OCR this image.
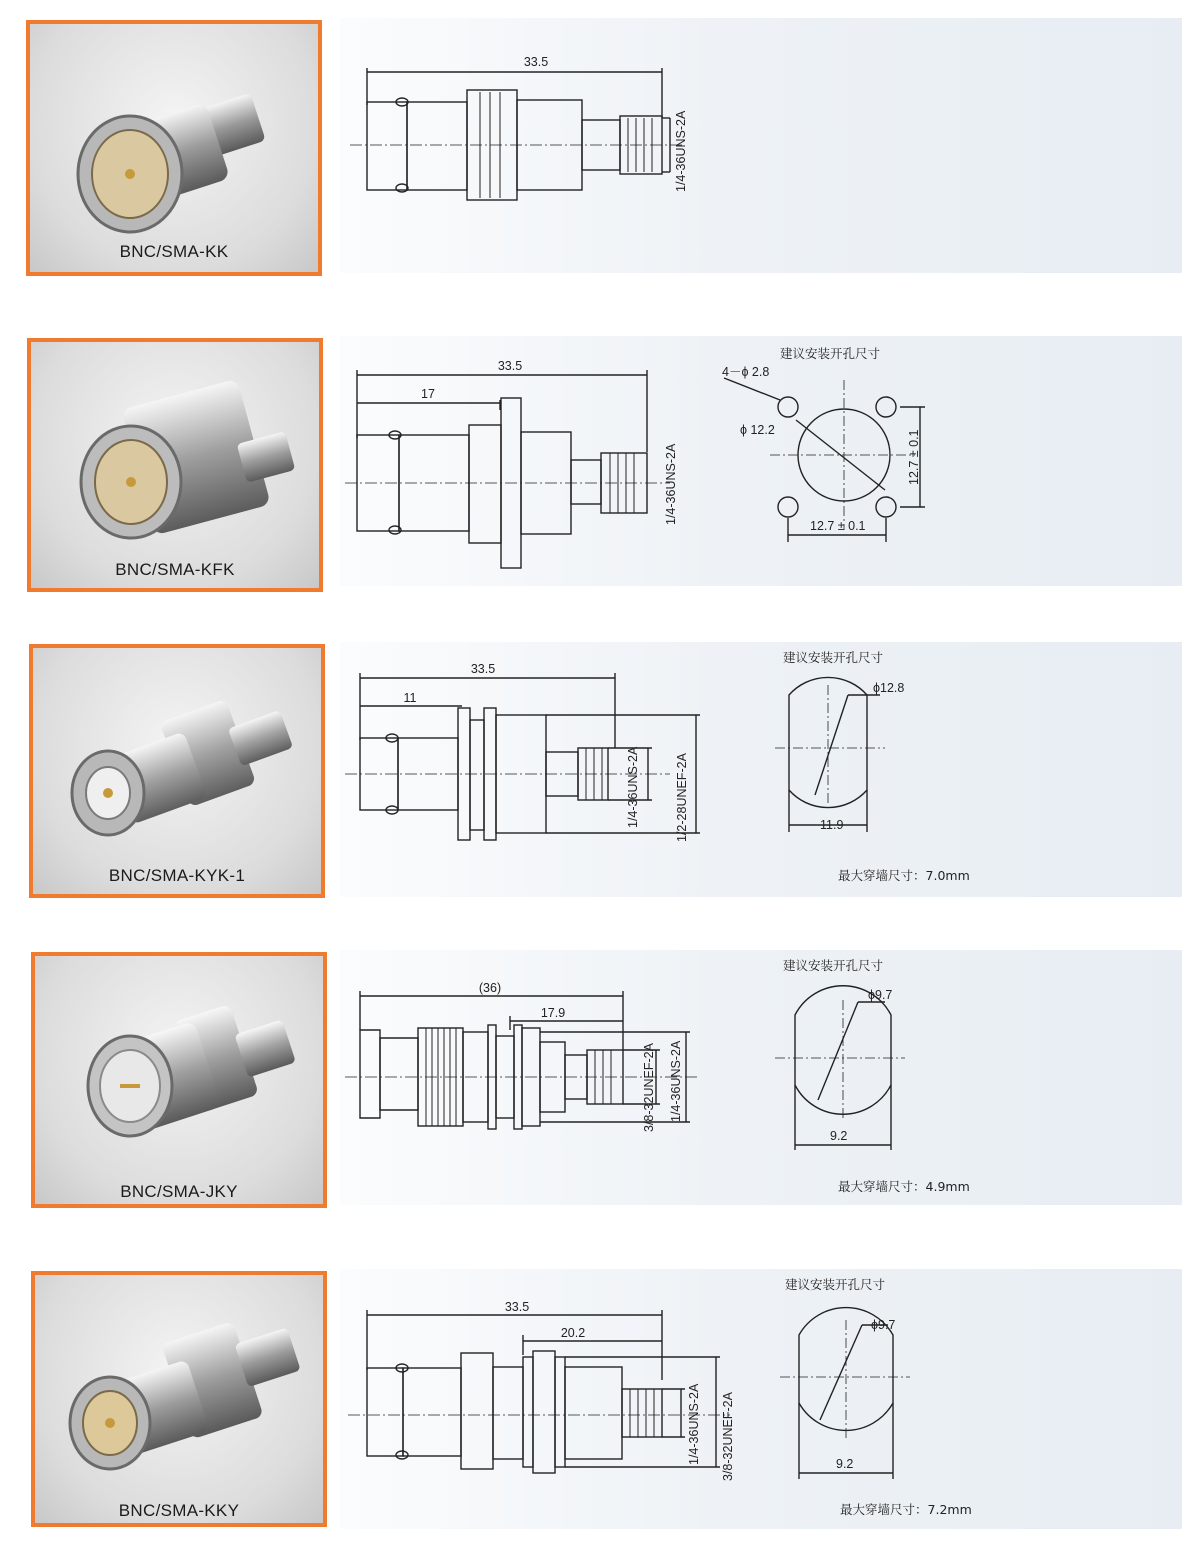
BNC/SMA-KK
33.5
1/4-36UNS-2A
BNC/SMA-KFK
33.5
17
1/4-36UNS-2A
建议安装开孔尺寸
4－ϕ 2.8
ϕ 12.2	12.7 ± 0.1
12.7 ± 0.1
BNC/SMA-KYK-1
33.5
11
1/4-36UNS-2A	1/2-28UNEF-2A
建议安装开孔尺寸
ϕ12.8
11.9
最大穿墙尺寸：7.0mm
BNC/SMA-JKY
(36)
17.9
3/8-32UNEF-2A 1/4-36UNS-2A
建议安装开孔尺寸
ϕ9.7
9.2
最大穿墙尺寸：4.9mm
BNC/SMA-KKY
33.5
20.2
1/4-36UNS-2A 3/8-32UNEF-2A
建议安装开孔尺寸
ϕ9.7
9.2
最大穿墙尺寸：7.2mm
